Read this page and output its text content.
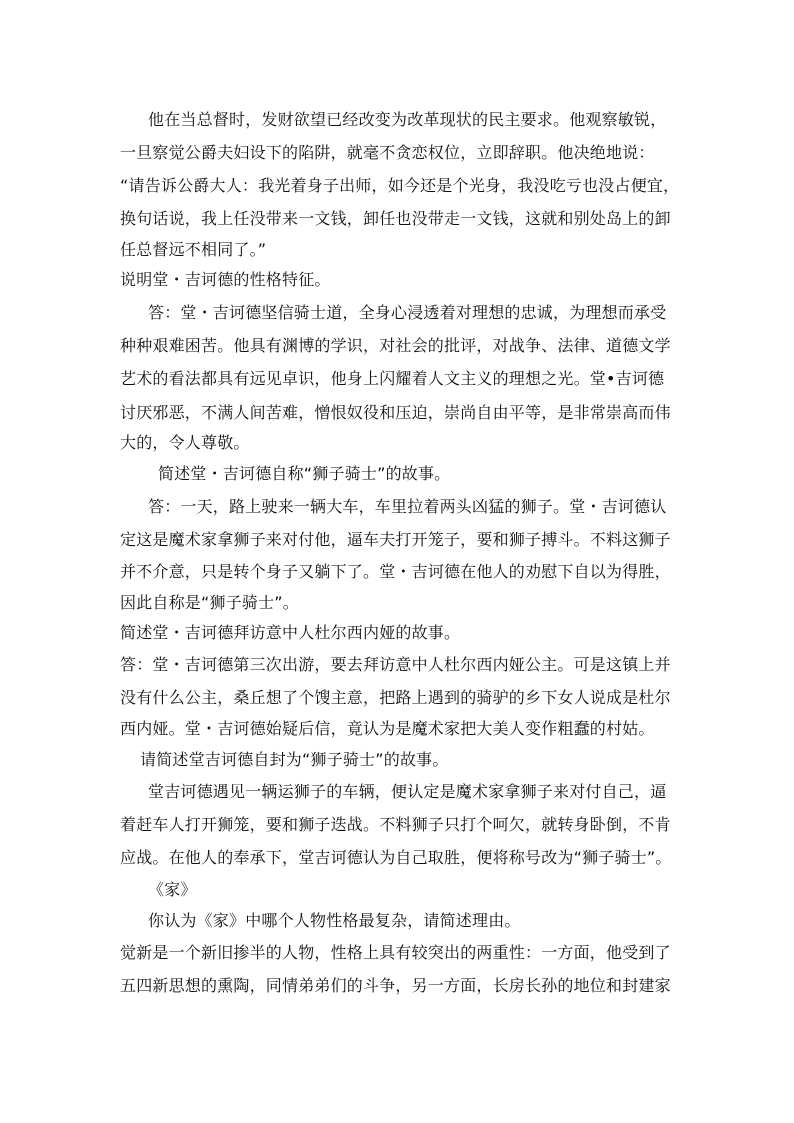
他在当总督时，发财欲望已经改变为改革现状的民主要求。他观察敏锐，
一旦察觉公爵夫妇设下的陷阱，就毫不贪恋权位，立即辞职。他决绝地说：
“请告诉公爵大人：我光着身子出师，如今还是个光身，我没吃亏也没占便宜，
换句话说，我上任没带来一文钱，卸任也没带走一文钱，这就和别处岛上的卸
任总督远不相同了。”
说明堂・吉诃德的性格特征。
答：堂・吉诃德坚信骑士道，全身心浸透着对理想的忠诚，为理想而承受
种种艰难困苦。他具有渊博的学识，对社会的批评，对战争、法律、道德文学
艺术的看法都具有远见卓识，他身上闪耀着人文主义的理想之光。堂•吉诃德
讨厌邪恶，不满人间苦难，憎恨奴役和压迫，崇尚自由平等，是非常崇高而伟
大的，令人尊敬。
简述堂・吉诃德自称“狮子骑士”的故事。
答：一天，路上驶来一辆大车，车里拉着两头凶猛的狮子。堂・吉诃德认
定这是魔术家拿狮子来对付他，逼车夫打开笼子，要和狮子搏斗。不料这狮子
并不介意，只是转个身子又躺下了。堂・吉诃德在他人的劝慰下自以为得胜，
因此自称是“狮子骑士”。
简述堂・吉诃德拜访意中人杜尔西内娅的故事。
答：堂・吉诃德第三次出游，要去拜访意中人杜尔西内娅公主。可是这镇上并
没有什么公主，桑丘想了个馊主意，把路上遇到的骑驴的乡下女人说成是杜尔
西内娅。堂・吉诃德始疑后信，竟认为是魔术家把大美人变作粗蠢的村姑。
请简述堂吉诃德自封为“狮子骑士”的故事。
堂吉诃德遇见一辆运狮子的车辆，便认定是魔术家拿狮子来对付自己，逼
着赶车人打开狮笼，要和狮子迭战。不料狮子只打个呵欠，就转身卧倒，不肯
应战。在他人的奉承下，堂吉诃德认为自己取胜，便将称号改为“狮子骑士”。
《家》
你认为《家》中哪个人物性格最复杂，请简述理由。
觉新是一个新旧掺半的人物，性格上具有较突出的两重性：一方面，他受到了
五四新思想的熏陶，同情弟弟们的斗争，另一方面，长房长孙的地位和封建家
